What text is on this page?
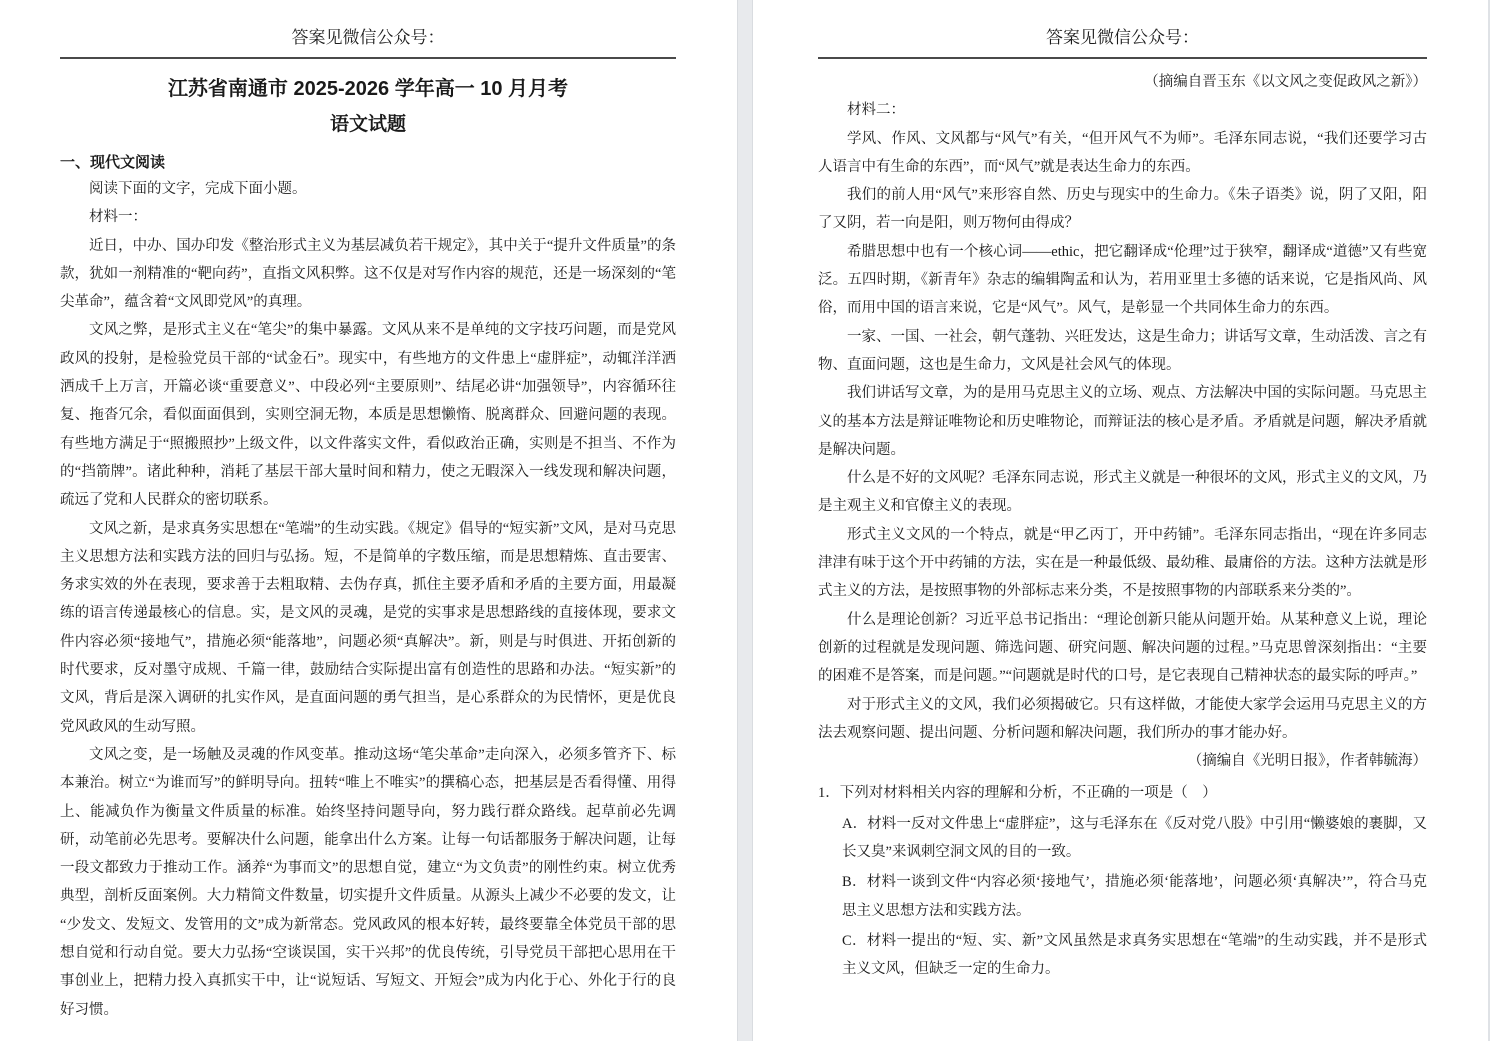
答案见微信公众号：
江苏省南通市 2025-2026 学年高一 10 月月考
语文试题
一、现代文阅读

阅读下面的文字，完成下面小题。

材料一：

近日，中办、国办印发《整治形式主义为基层减负若干规定》，其中关于“提升文件质量”的条款，犹如一剂精准的“靶向药”，直指文风积弊。这不仅是对写作内容的规范，还是一场深刻的“笔尖革命”，蕴含着“文风即党风”的真理。

文风之弊，是形式主义在“笔尖”的集中暴露。文风从来不是单纯的文字技巧问题，而是党风政风的投射，是检验党员干部的“试金石”。现实中，有些地方的文件患上“虚胖症”，动辄洋洋洒洒成千上万言，开篇必谈“重要意义”、中段必列“主要原则”、结尾必讲“加强领导”，内容循环往复、拖沓冗余，看似面面俱到，实则空洞无物，本质是思想懒惰、脱离群众、回避问题的表现。有些地方满足于“照搬照抄”上级文件，以文件落实文件，看似政治正确，实则是不担当、不作为的“挡箭牌”。诸此种种，消耗了基层干部大量时间和精力，使之无暇深入一线发现和解决问题，疏远了党和人民群众的密切联系。

文风之新，是求真务实思想在“笔端”的生动实践。《规定》倡导的“短实新”文风，是对马克思主义思想方法和实践方法的回归与弘扬。短，不是简单的字数压缩，而是思想精炼、直击要害、务求实效的外在表现，要求善于去粗取精、去伪存真，抓住主要矛盾和矛盾的主要方面，用最凝练的语言传递最核心的信息。实，是文风的灵魂，是党的实事求是思想路线的直接体现，要求文件内容必须“接地气”，措施必须“能落地”，问题必须“真解决”。新，则是与时俱进、开拓创新的时代要求，反对墨守成规、千篇一律，鼓励结合实际提出富有创造性的思路和办法。“短实新”的文风，背后是深入调研的扎实作风，是直面问题的勇气担当，是心系群众的为民情怀，更是优良党风政风的生动写照。

文风之变，是一场触及灵魂的作风变革。推动这场“笔尖革命”走向深入，必须多管齐下、标本兼治。树立“为谁而写”的鲜明导向。扭转“唯上不唯实”的撰稿心态，把基层是否看得懂、用得上、能减负作为衡量文件质量的标准。始终坚持问题导向，努力践行群众路线。起草前必先调研，动笔前必先思考。要解决什么问题，能拿出什么方案。让每一句话都服务于解决问题，让每一段文都致力于推动工作。涵养“为事而文”的思想自觉，建立“为文负责”的刚性约束。树立优秀典型，剖析反面案例。大力精简文件数量，切实提升文件质量。从源头上减少不必要的发文，让“少发文、发短文、发管用的文”成为新常态。党风政风的根本好转，最终要靠全体党员干部的思想自觉和行动自觉。要大力弘扬“空谈误国，实干兴邦”的优良传统，引导党员干部把心思用在干事创业上，把精力投入真抓实干中，让“说短话、写短文、开短会”成为内化于心、外化于行的良好习惯。

答案见微信公众号：

（摘编自晋玉东《以文风之变促政风之新》）

材料二：

学风、作风、文风都与“风气”有关，“但开风气不为师”。毛泽东同志说，“我们还要学习古人语言中有生命的东西”，而“风气”就是表达生命力的东西。

我们的前人用“风气”来形容自然、历史与现实中的生命力。《朱子语类》说，阴了又阳，阳了又阴，若一向是阳，则万物何由得成？

希腊思想中也有一个核心词——ethic，把它翻译成“伦理”过于狭窄，翻译成“道德”又有些宽泛。五四时期，《新青年》杂志的编辑陶孟和认为，若用亚里士多德的话来说，它是指风尚、风俗，而用中国的语言来说，它是“风气”。风气，是彰显一个共同体生命力的东西。

一家、一国、一社会，朝气蓬勃、兴旺发达，这是生命力；讲话写文章，生动活泼、言之有物、直面问题，这也是生命力，文风是社会风气的体现。

我们讲话写文章，为的是用马克思主义的立场、观点、方法解决中国的实际问题。马克思主义的基本方法是辩证唯物论和历史唯物论，而辩证法的核心是矛盾。矛盾就是问题，解决矛盾就是解决问题。

什么是不好的文风呢？毛泽东同志说，形式主义就是一种很坏的文风，形式主义的文风，乃是主观主义和官僚主义的表现。

形式主义文风的一个特点，就是“甲乙丙丁，开中药铺”。毛泽东同志指出，“现在许多同志津津有味于这个开中药铺的方法，实在是一种最低级、最幼稚、最庸俗的方法。这种方法就是形式主义的方法，是按照事物的外部标志来分类，不是按照事物的内部联系来分类的”。

什么是理论创新？习近平总书记指出：“理论创新只能从问题开始。从某种意义上说，理论创新的过程就是发现问题、筛选问题、研究问题、解决问题的过程。”马克思曾深刻指出：“主要的困难不是答案，而是问题。”“问题就是时代的口号，是它表现自己精神状态的最实际的呼声。”

对于形式主义的文风，我们必须揭破它。只有这样做，才能使大家学会运用马克思主义的方法去观察问题、提出问题、分析问题和解决问题，我们所办的事才能办好。

（摘编自《光明日报》，作者韩毓海）

1．下列对材料相关内容的理解和分析，不正确的一项是（　）

A．材料一反对文件患上“虚胖症”，这与毛泽东在《反对党八股》中引用“懒婆娘的裹脚，又长又臭”来讽刺空洞文风的目的一致。

B．材料一谈到文件“内容必须‘接地气’，措施必须‘能落地’，问题必须‘真解决’”，符合马克思主义思想方法和实践方法。

C．材料一提出的“短、实、新”文风虽然是求真务实思想在“笔端”的生动实践，并不是形式主义文风，但缺乏一定的生命力。
